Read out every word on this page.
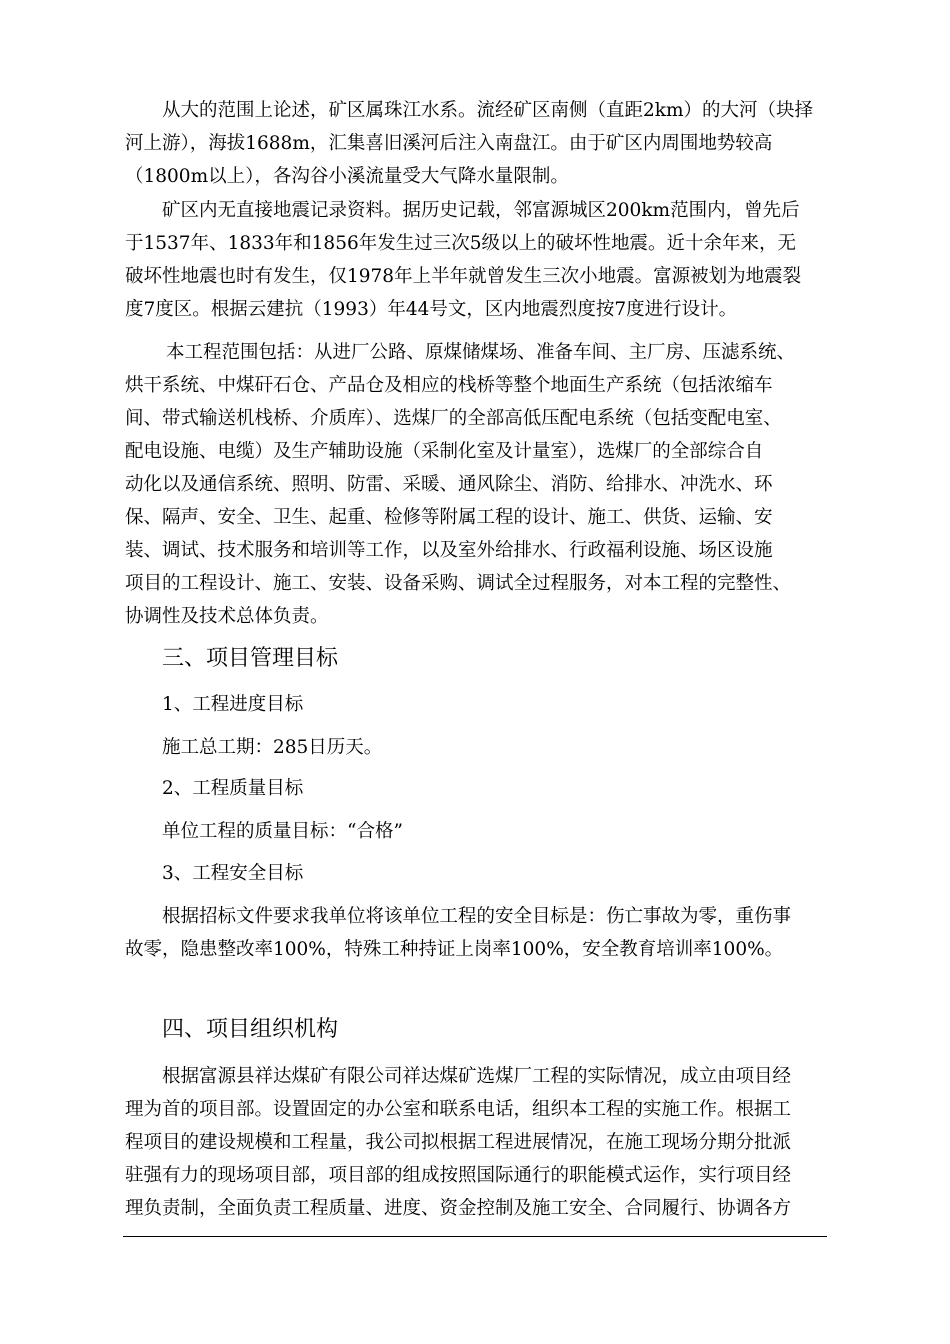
从大的范围上论述，矿区属珠江水系。流经矿区南侧（直距2km）的大河（块择
河上游），海拔1688m，汇集喜旧溪河后注入南盘江。由于矿区内周围地势较高
（1800m以上），各沟谷小溪流量受大气降水量限制。
矿区内无直接地震记录资料。据历史记载，邻富源城区200km范围内，曾先后
于1537年、1833年和1856年发生过三次5级以上的破坏性地震。近十余年来，无
破坏性地震也时有发生，仅1978年上半年就曾发生三次小地震。富源被划为地震裂
度7度区。根据云建抗（1993）年44号文，区内地震烈度按7度进行设计。
本工程范围包括：从进厂公路、原煤储煤场、准备车间、主厂房、压滤系统、
烘干系统、中煤矸石仓、产品仓及相应的栈桥等整个地面生产系统（包括浓缩车
间、带式输送机栈桥、介质库）、选煤厂的全部高低压配电系统（包括变配电室、
配电设施、电缆）及生产辅助设施（采制化室及计量室），选煤厂的全部综合自
动化以及通信系统、照明、防雷、采暖、通风除尘、消防、给排水、冲洗水、环
保、隔声、安全、卫生、起重、检修等附属工程的设计、施工、供货、运输、安
装、调试、技术服务和培训等工作，以及室外给排水、行政福利设施、场区设施
项目的工程设计、施工、安装、设备采购、调试全过程服务，对本工程的完整性、
协调性及技术总体负责。
三、项目管理目标
1、工程进度目标
施工总工期：285日历天。
2、工程质量目标
单位工程的质量目标：“合格”
3、工程安全目标
根据招标文件要求我单位将该单位工程的安全目标是：伤亡事故为零，重伤事
故零，隐患整改率100%，特殊工种持证上岗率100%，安全教育培训率100%。
四、项目组织机构
根据富源县祥达煤矿有限公司祥达煤矿选煤厂工程的实际情况，成立由项目经
理为首的项目部。设置固定的办公室和联系电话，组织本工程的实施工作。根据工
程项目的建设规模和工程量，我公司拟根据工程进展情况，在施工现场分期分批派
驻强有力的现场项目部，项目部的组成按照国际通行的职能模式运作，实行项目经
理负责制，全面负责工程质量、进度、资金控制及施工安全、合同履行、协调各方
